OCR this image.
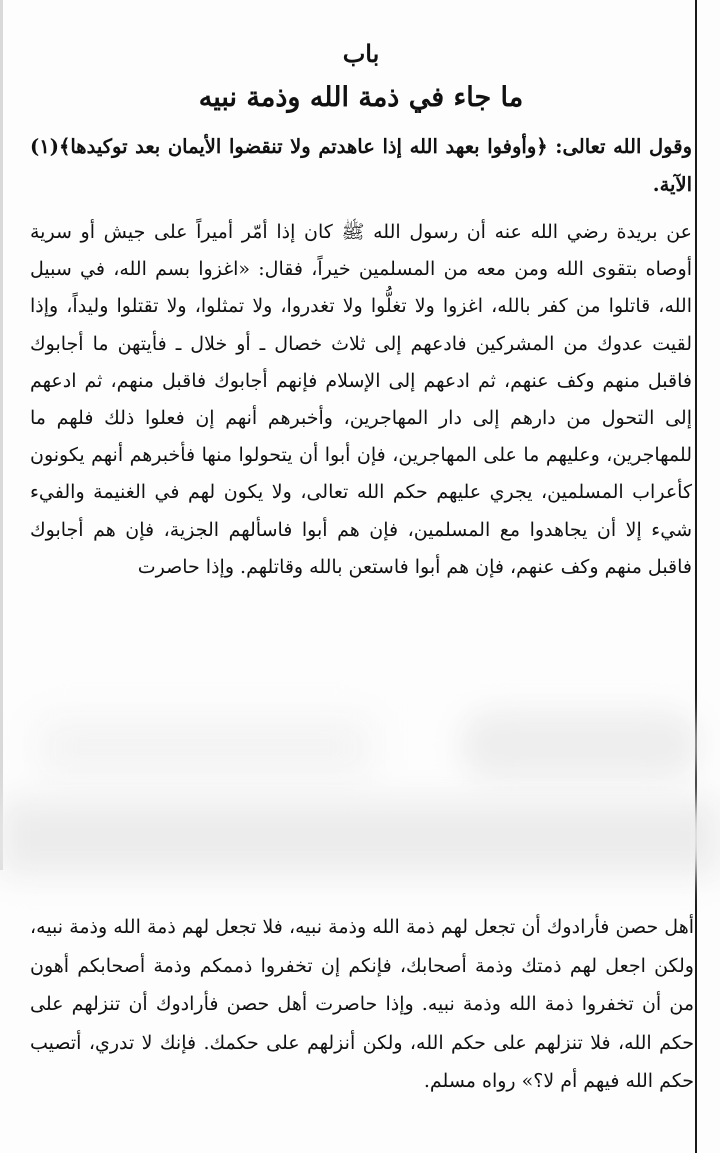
باب
ما جاء في ذمة الله وذمة نبيه

وقول الله تعالى: ﴿وأوفوا بعهد الله إذا عاهدتم ولا تنقضوا الأيمان بعد توكيدها﴾(١) الآية.

عن بريدة رضي الله عنه أن رسول الله ﷺ كان إذا أمّر أميراً على جيش أو سرية أوصاه بتقوى الله ومن معه من المسلمين خيراً، فقال: «اغزوا بسم الله، في سبيل الله، قاتلوا من كفر بالله، اغزوا ولا تغلُّوا ولا تغدروا، ولا تمثلوا، ولا تقتلوا وليداً، وإذا لقيت عدوك من المشركين فادعهم إلى ثلاث خصال ـ أو خلال ـ فأيتهن ما أجابوك فاقبل منهم وكف عنهم، ثم ادعهم إلى الإسلام فإنهم أجابوك فاقبل منهم، ثم ادعهم إلى التحول من دارهم إلى دار المهاجرين، وأخبرهم أنهم إن فعلوا ذلك فلهم ما للمهاجرين، وعليهم ما على المهاجرين، فإن أبوا أن يتحولوا منها فأخبرهم أنهم يكونون كأعراب المسلمين، يجري عليهم حكم الله تعالى، ولا يكون لهم في الغنيمة والفيء شيء إلا أن يجاهدوا مع المسلمين، فإن هم أبوا فاسألهم الجزية، فإن هم أجابوك فاقبل منهم وكف عنهم، فإن هم أبوا فاستعن بالله وقاتلهم. وإذا حاصرت

أهل حصن فأرادوك أن تجعل لهم ذمة الله وذمة نبيه، فلا تجعل لهم ذمة الله وذمة نبيه، ولكن اجعل لهم ذمتك وذمة أصحابك، فإنكم إن تخفروا ذممكم وذمة أصحابكم أهون من أن تخفروا ذمة الله وذمة نبيه. وإذا حاصرت أهل حصن فأرادوك أن تنزلهم على حكم الله، فلا تنزلهم على حكم الله، ولكن أنزلهم على حكمك. فإنك لا تدري، أتصيب حكم الله فيهم أم لا؟» رواه مسلم.
